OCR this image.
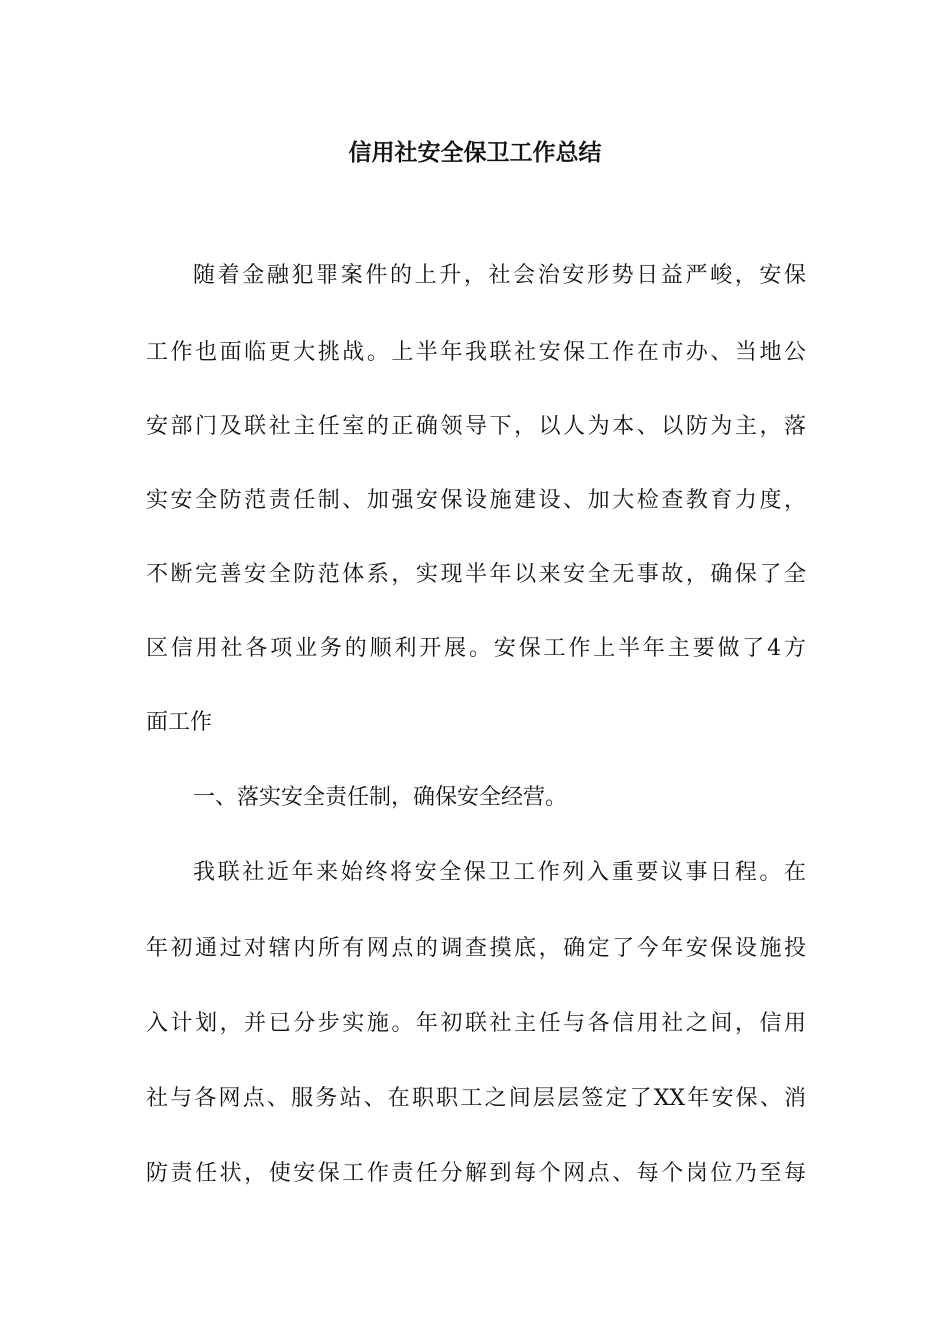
信用社安全保卫工作总结

随着金融犯罪案件的上升，社会治安形势日益严峻，安保

工作也面临更大挑战。上半年我联社安保工作在市办、当地公

安部门及联社主任室的正确领导下，以人为本、以防为主，落

实安全防范责任制、加强安保设施建设、加大检查教育力度，

不断完善安全防范体系，实现半年以来安全无事故，确保了全

区信用社各项业务的顺利开展。安保工作上半年主要做了4方

面工作

一、落实安全责任制，确保安全经营。

我联社近年来始终将安全保卫工作列入重要议事日程。在

年初通过对辖内所有网点的调查摸底，确定了今年安保设施投

入计划，并已分步实施。年初联社主任与各信用社之间，信用

社与各网点、服务站、在职职工之间层层签定了XX年安保、消

防责任状，使安保工作责任分解到每个网点、每个岗位乃至每
